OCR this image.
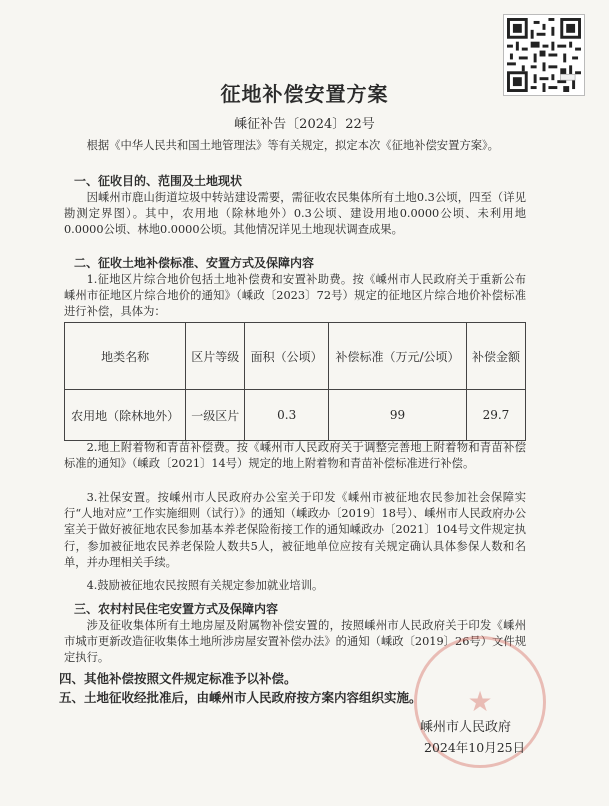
征地补偿安置方案
嵊征补告〔2024〕22号

根据《中华人民共和国土地管理法》等有关规定，拟定本次《征地补偿安置方案》。

一、征收目的、范围及土地现状

因嵊州市鹿山街道垃圾中转站建设需要，需征收农民集体所有土地0.3公顷，四至（详见勘测定界图）。其中，农用地（除林地外）0.3公顷、建设用地0.0000公顷、未利用地0.0000公顷、林地0.0000公顷。其他情况详见土地现状调查成果。

二、征收土地补偿标准、安置方式及保障内容

1.征地区片综合地价包括土地补偿费和安置补助费。按《嵊州市人民政府关于重新公布嵊州市征地区片综合地价的通知》（嵊政〔2023〕72号）规定的征地区片综合地价补偿标准进行补偿，具体为：

地类名称	区片等级	面积（公顷）	补偿标准（万元/公顷）	补偿金额
农用地（除林地外）	一级区片	0.3	99	29.7

2.地上附着物和青苗补偿费。按《嵊州市人民政府关于调整完善地上附着物和青苗补偿标准的通知》（嵊政〔2021〕14号）规定的地上附着物和青苗补偿标准进行补偿。

3.社保安置。按嵊州市人民政府办公室关于印发《嵊州市被征地农民参加社会保障实行“人地对应”工作实施细则（试行）》的通知（嵊政办〔2019〕18号）、嵊州市人民政府办公室关于做好被征地农民参加基本养老保险衔接工作的通知嵊政办〔2021〕104号文件规定执行，参加被征地农民养老保险人数共5人，被征地单位应按有关规定确认具体参保人数和名单，并办理相关手续。

4.鼓励被征地农民按照有关规定参加就业培训。

三、农村村民住宅安置方式及保障内容

涉及征收集体所有土地房屋及附属物补偿安置的，按照嵊州市人民政府关于印发《嵊州市城市更新改造征收集体土地所涉房屋安置补偿办法》的通知（嵊政〔2019〕26号）文件规定执行。

四、其他补偿按照文件规定标准予以补偿。

五、土地征收经批准后，由嵊州市人民政府按方案内容组织实施。	★
嵊州市人民政府
2024年10月25日
